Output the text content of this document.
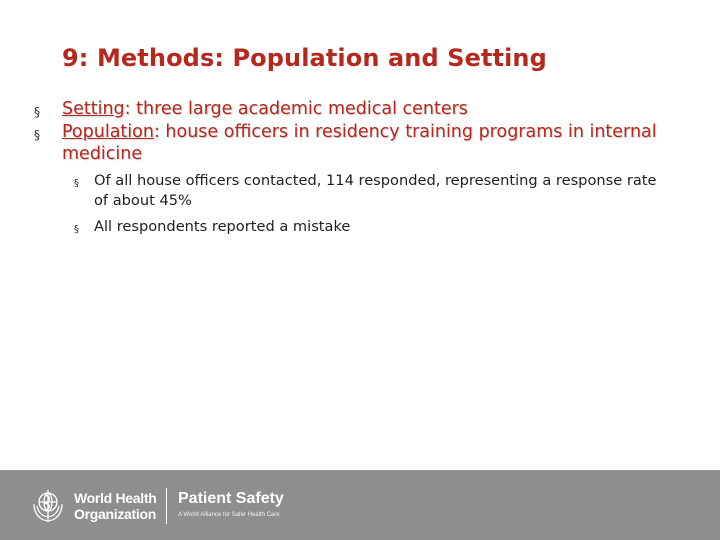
9: Methods: Population and Setting
§ Setting: three large academic medical centers
§ Population: house officers in residency training programs in internal medicine
§ Of all house officers contacted, 114 responded, representing a response rate of about 45%
§ All respondents reported a mistake
World Health
Organization
Patient Safety
A World Alliance for Safer Health Care
